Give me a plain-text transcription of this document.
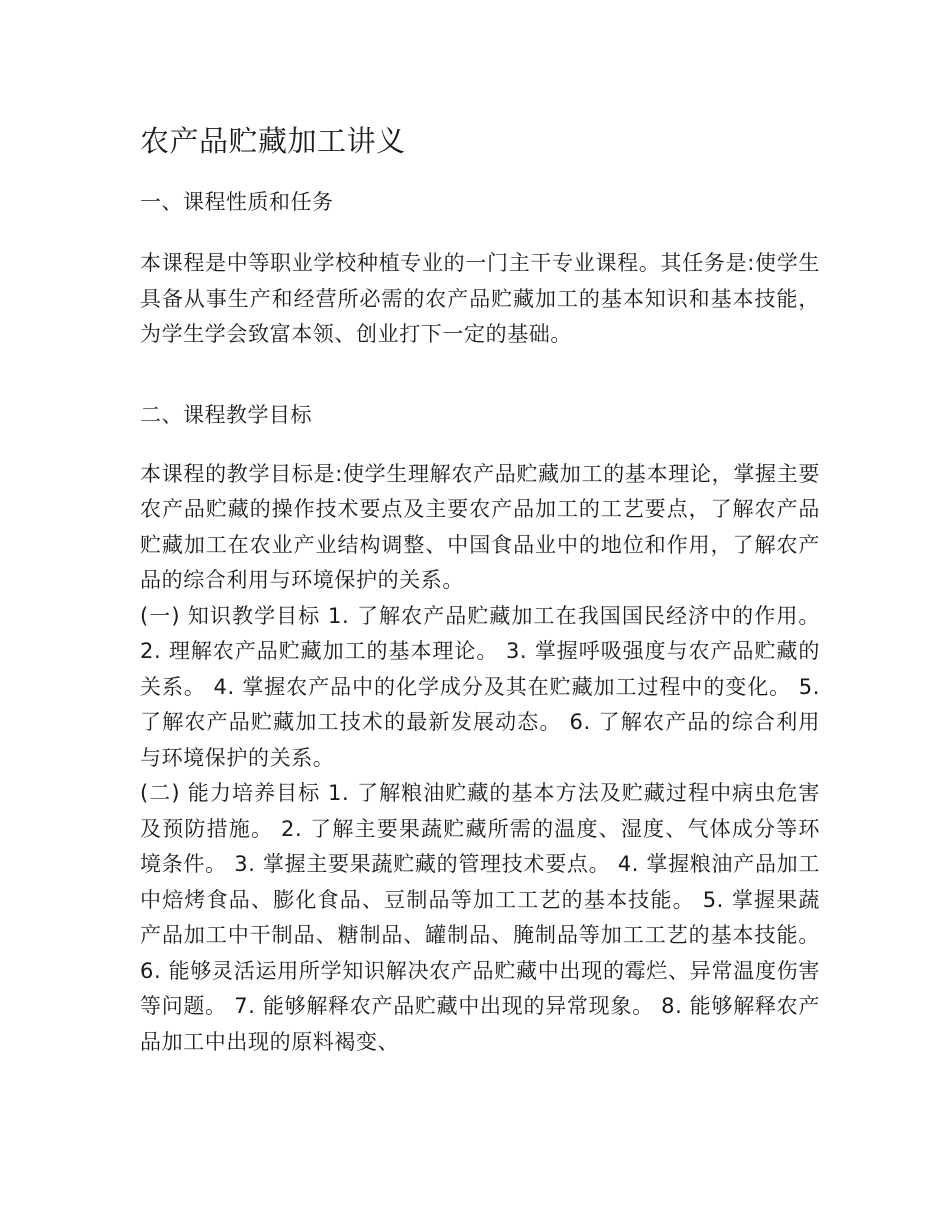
农产品贮藏加工讲义
一、课程性质和任务

本课程是中等职业学校种植专业的一门主干专业课程。其任务是:使学生具备从事生产和经营所必需的农产品贮藏加工的基本知识和基本技能，为学生学会致富本领、创业打下一定的基础。

二、课程教学目标

本课程的教学目标是:使学生理解农产品贮藏加工的基本理论，掌握主要农产品贮藏的操作技术要点及主要农产品加工的工艺要点，了解农产品贮藏加工在农业产业结构调整、中国食品业中的地位和作用，了解农产品的综合利用与环境保护的关系。

(一) 知识教学目标 1. 了解农产品贮藏加工在我国国民经济中的作用。 2. 理解农产品贮藏加工的基本理论。 3. 掌握呼吸强度与农产品贮藏的关系。 4. 掌握农产品中的化学成分及其在贮藏加工过程中的变化。 5. 了解农产品贮藏加工技术的最新发展动态。 6. 了解农产品的综合利用与环境保护的关系。

(二) 能力培养目标 1. 了解粮油贮藏的基本方法及贮藏过程中病虫危害及预防措施。 2. 了解主要果蔬贮藏所需的温度、湿度、气体成分等环境条件。 3. 掌握主要果蔬贮藏的管理技术要点。 4. 掌握粮油产品加工中焙烤食品、膨化食品、豆制品等加工工艺的基本技能。 5. 掌握果蔬产品加工中干制品、糖制品、罐制品、腌制品等加工工艺的基本技能。 6. 能够灵活运用所学知识解决农产品贮藏中出现的霉烂、异常温度伤害等问题。 7. 能够解释农产品贮藏中出现的异常现象。 8. 能够解释农产品加工中出现的原料褐变、
